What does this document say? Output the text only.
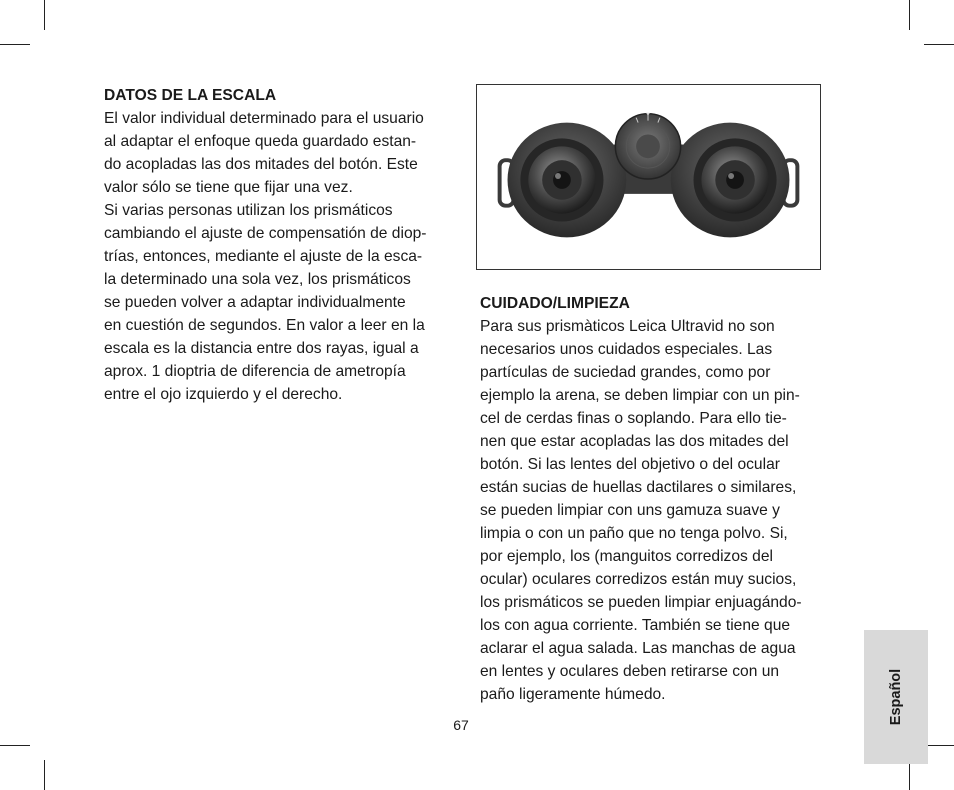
DATOS DE LA ESCALA
El valor individual determinado para el usuario
al adaptar el enfoque queda guardado estan-
do acopladas las dos mitades del botón. Este
valor sólo se tiene que fijar una vez.
Si varias personas utilizan los prismáticos
cambiando el ajuste de compensatión de diop-
trías, entonces, mediante el ajuste de la esca-
la determinado una sola vez, los prismáticos
se pueden volver a adaptar individualmente
en cuestión de segundos. En valor a leer en la
escala es la distancia entre dos rayas, igual a
aprox. 1 dioptria de diferencia de ametropía
entre el ojo izquierdo y el derecho.
CUIDADO/LIMPIEZA
Para sus prismàticos Leica Ultravid no son
necesarios unos cuidados especiales. Las
partículas de suciedad grandes, como por
ejemplo la arena, se deben limpiar con un pin-
cel de cerdas finas o soplando. Para ello tie-
nen que estar acopladas las dos mitades del
botón. Si las lentes del objetivo o del ocular
están sucias de huellas dactilares o similares,
se pueden limpiar con uns gamuza suave y
limpia o con un paño que no tenga polvo. Si,
por ejemplo, los (manguitos corredizos del
ocular) oculares corredizos están muy sucios,
los prismáticos se pueden limpiar enjuagándo-
los con agua corriente. También se tiene que
aclarar el agua salada. Las manchas de agua
en lentes y oculares deben retirarse con un
paño ligeramente húmedo.
67	Español
